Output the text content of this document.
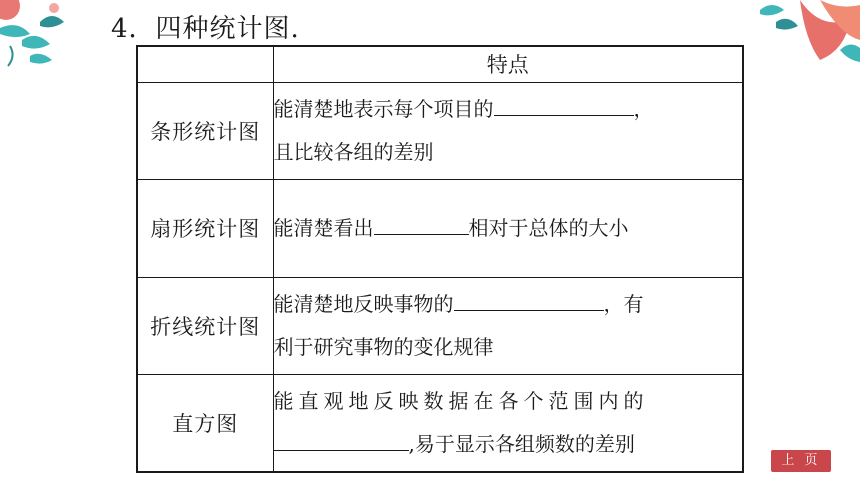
4．四种统计图.
	特点
条形统计图	能清楚地表示每个项目的 ，
且比较各组的差别
扇形统计图	能清楚看出 相对于总体的大小
折线统计图	能清楚地反映事物的 ，有
利于研究事物的变化规律
直方图	能直观地反映数据在各个范围内的
,易于显示各组频数的差别
上 页
